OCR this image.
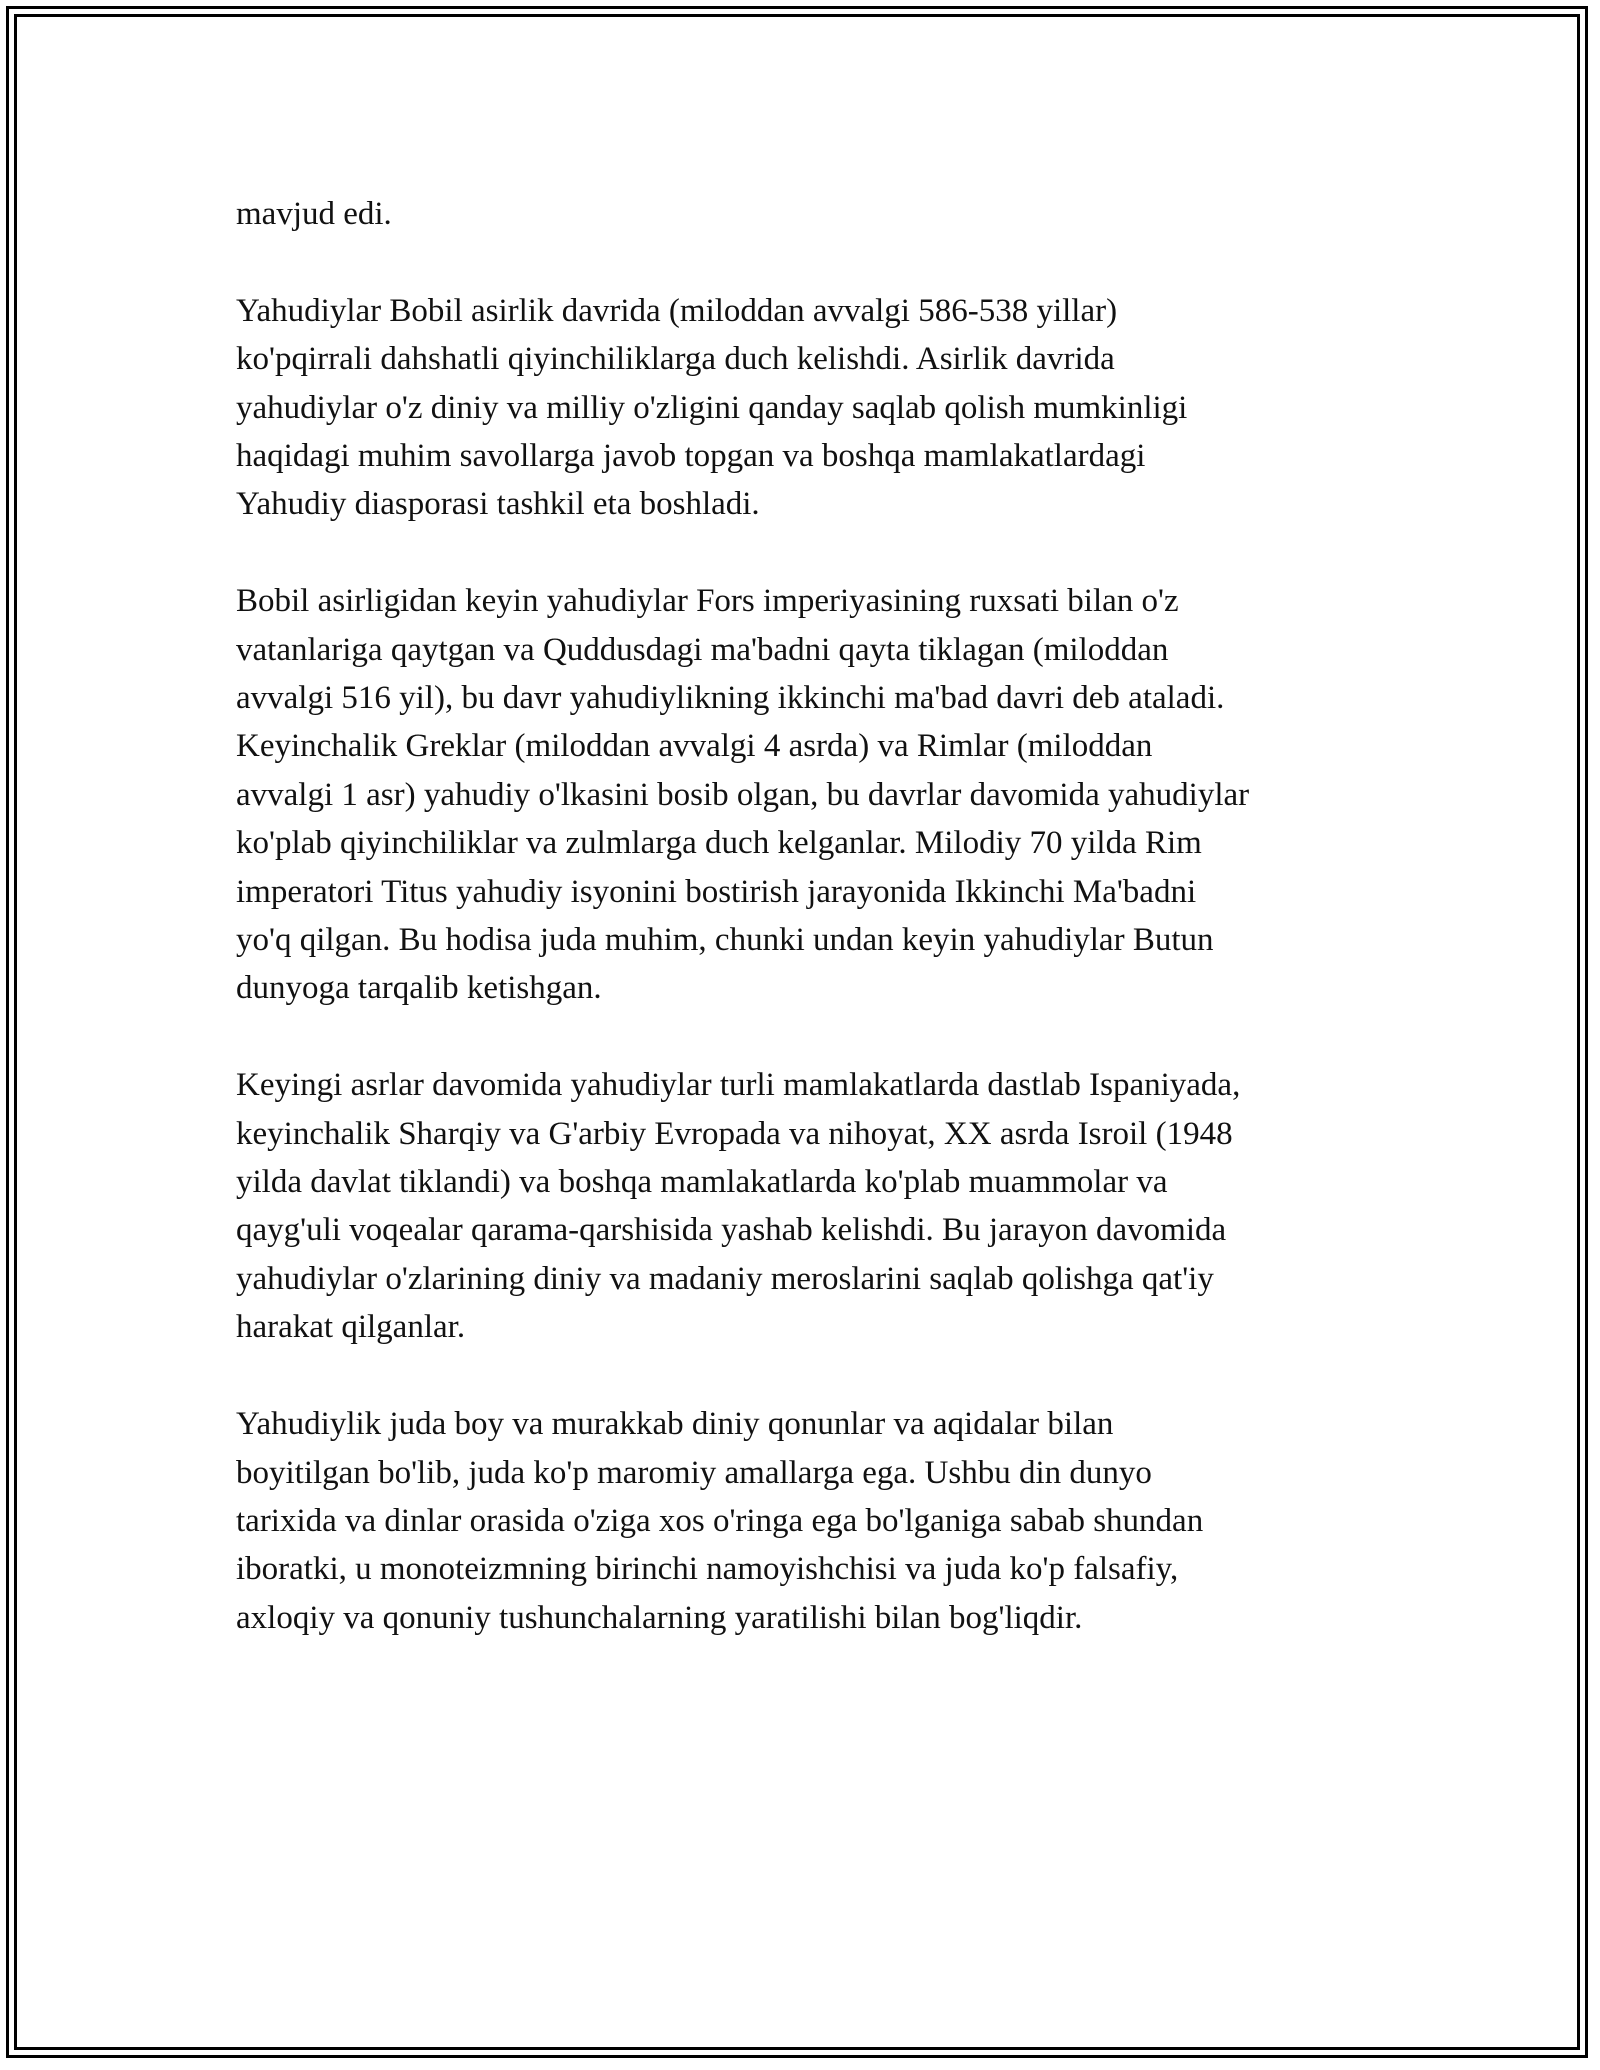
mavjud edi.

Yahudiylar Bobil asirlik davrida (miloddan avvalgi 586-538 yillar)
ko'pqirrali dahshatli qiyinchiliklarga duch kelishdi. Asirlik davrida
yahudiylar o'z diniy va milliy o'zligini qanday saqlab qolish mumkinligi
haqidagi muhim savollarga javob topgan va boshqa mamlakatlardagi
Yahudiy diasporasi tashkil eta boshladi.

Bobil asirligidan keyin yahudiylar Fors imperiyasining ruxsati bilan o'z
vatanlariga qaytgan va Quddusdagi ma'badni qayta tiklagan (miloddan
avvalgi 516 yil), bu davr yahudiylikning ikkinchi ma'bad davri deb ataladi.
Keyinchalik Greklar (miloddan avvalgi 4 asrda) va Rimlar (miloddan
avvalgi 1 asr) yahudiy o'lkasini bosib olgan, bu davrlar davomida yahudiylar
ko'plab qiyinchiliklar va zulmlarga duch kelganlar. Milodiy 70 yilda Rim
imperatori Titus yahudiy isyonini bostirish jarayonida Ikkinchi Ma'badni
yo'q qilgan. Bu hodisa juda muhim, chunki undan keyin yahudiylar Butun
dunyoga tarqalib ketishgan.

Keyingi asrlar davomida yahudiylar turli mamlakatlarda dastlab Ispaniyada,
keyinchalik Sharqiy va G'arbiy Evropada va nihoyat, XX asrda Isroil (1948
yilda davlat tiklandi) va boshqa mamlakatlarda ko'plab muammolar va
qayg'uli voqealar qarama-qarshisida yashab kelishdi. Bu jarayon davomida
yahudiylar o'zlarining diniy va madaniy meroslarini saqlab qolishga qat'iy
harakat qilganlar.

Yahudiylik juda boy va murakkab diniy qonunlar va aqidalar bilan
boyitilgan bo'lib, juda ko'p maromiy amallarga ega. Ushbu din dunyo
tarixida va dinlar orasida o'ziga xos o'ringa ega bo'lganiga sabab shundan
iboratki, u monoteizmning birinchi namoyishchisi va juda ko'p falsafiy,
axloqiy va qonuniy tushunchalarning yaratilishi bilan bog'liqdir.
